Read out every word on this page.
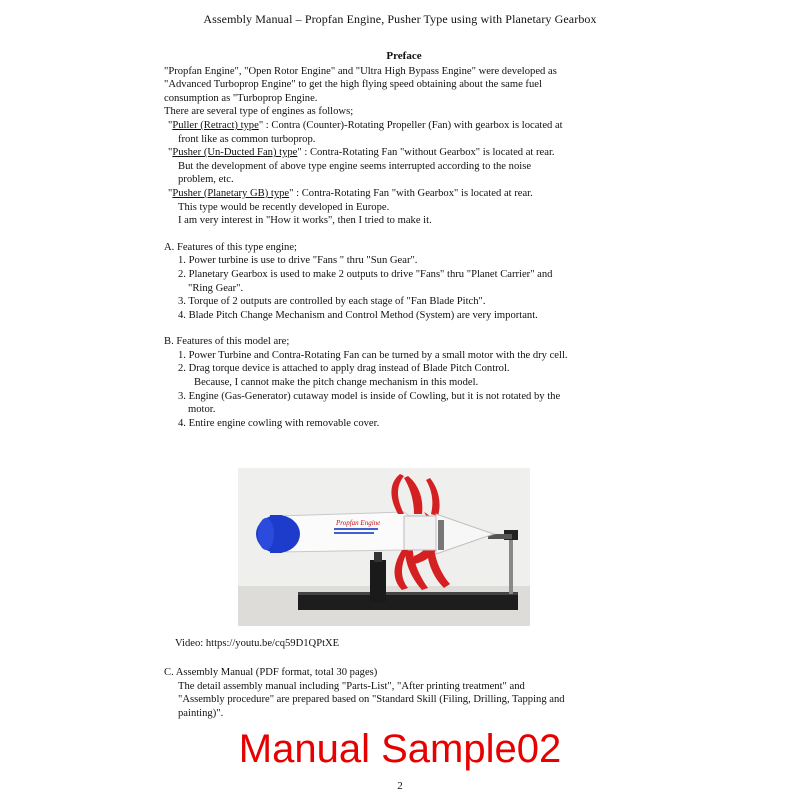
Assembly Manual – Propfan Engine, Pusher Type using with Planetary Gearbox
Preface
"Propfan Engine", "Open Rotor Engine" and "Ultra High Bypass Engine" were developed as
"Advanced Turboprop Engine" to get the high flying speed obtaining about the same fuel
consumption as "Turboprop Engine.
There are several type of engines as follows;
"Puller (Retract) type" : Contra (Counter)-Rotating Propeller (Fan) with gearbox is located at
front like as common turboprop.
"Pusher (Un-Ducted Fan) type" : Contra-Rotating Fan "without Gearbox" is located at rear.
But the development of above type engine seems interrupted according to the noise
problem, etc.
"Pusher (Planetary GB) type" : Contra-Rotating Fan "with Gearbox" is located at rear.
This type would be recently developed in Europe.
I am very interest in "How it works", then I tried to make it.
A. Features of this type engine;
1. Power turbine is use to drive "Fans " thru "Sun Gear".
2. Planetary Gearbox is used to make 2 outputs to drive "Fans" thru "Planet Carrier" and
"Ring Gear".
3. Torque of 2 outputs are controlled by each stage of "Fan Blade Pitch".
4. Blade Pitch Change Mechanism and Control Method (System) are very important.
B. Features of this model are;
1. Power Turbine and Contra-Rotating Fan can be turned by a small motor with the dry cell.
2. Drag torque device is attached to apply drag instead of Blade Pitch Control.
Because, I cannot make the pitch change mechanism in this model.
3. Engine (Gas-Generator) cutaway model is inside of Cowling, but it is not rotated by the
motor.
4. Entire engine cowling with removable cover.
Propfan Engine
Video: https://youtu.be/cq59D1QPtXE
C. Assembly Manual (PDF format, total 30 pages)
The detail assembly manual including "Parts-List", "After printing treatment" and
"Assembly procedure" are prepared based on "Standard Skill (Filing, Drilling, Tapping and
painting)".
Manual Sample02
2
